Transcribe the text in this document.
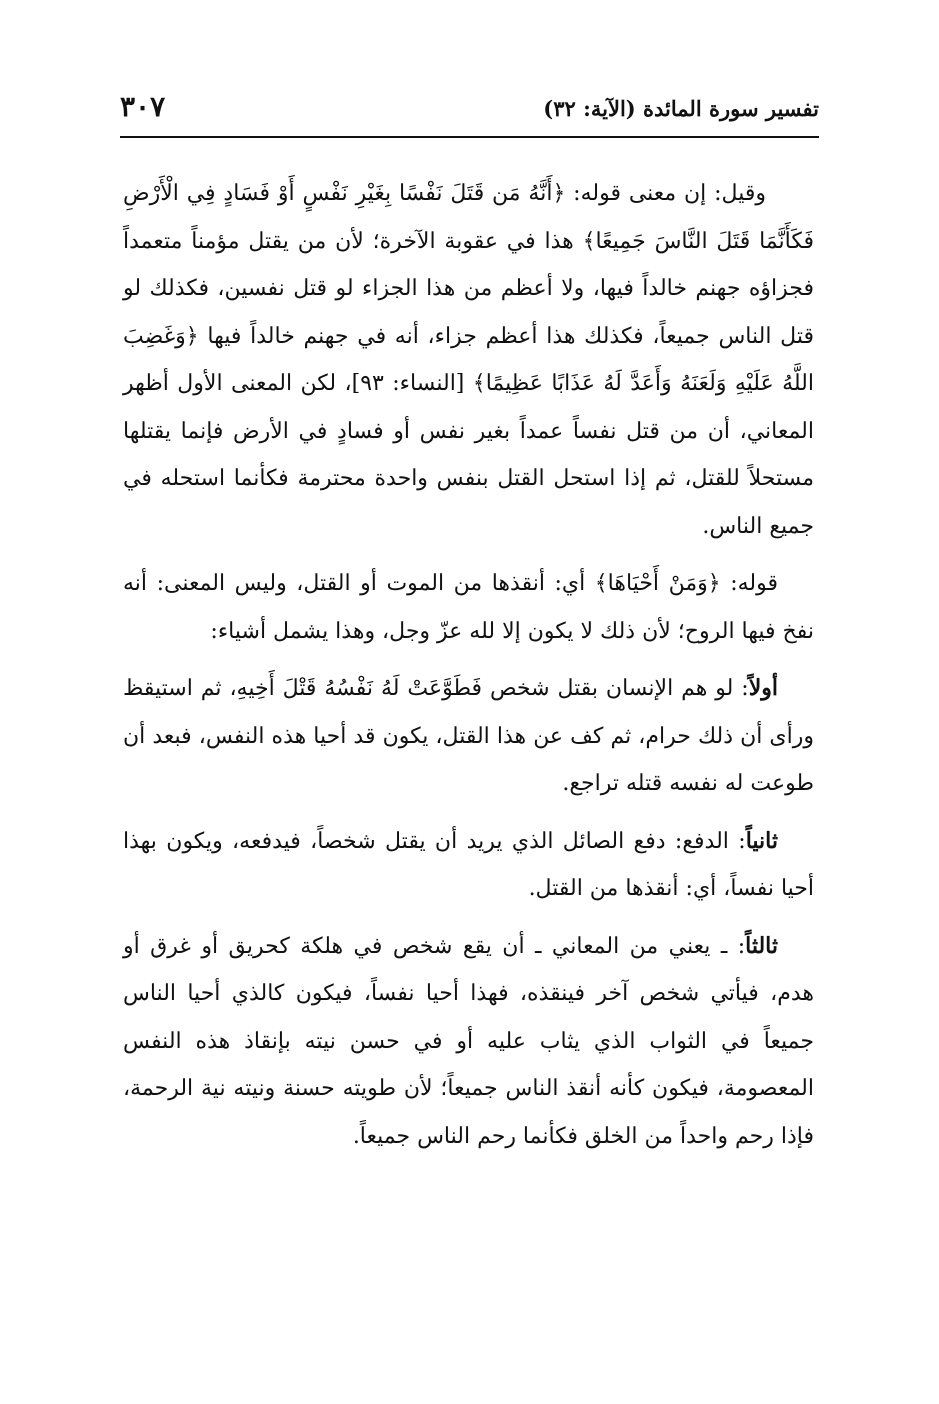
تفسير سورة المائدة (الآية: ٣٢)
٣٠٧

وقيل: إن معنى قوله: ﴿أَنَّهُ مَن قَتَلَ نَفْسًا بِغَيْرِ نَفْسٍ أَوْ فَسَادٍ فِي الْأَرْضِ فَكَأَنَّمَا قَتَلَ النَّاسَ جَمِيعًا﴾ هذا في عقوبة الآخرة؛ لأن من يقتل مؤمناً متعمداً فجزاؤه جهنم خالداً فيها، ولا أعظم من هذا الجزاء لو قتل نفسين، فكذلك لو قتل الناس جميعاً، فكذلك هذا أعظم جزاء، أنه في جهنم خالداً فيها ﴿وَغَضِبَ اللَّهُ عَلَيْهِ وَلَعَنَهُ وَأَعَدَّ لَهُ عَذَابًا عَظِيمًا﴾ [النساء: ٩٣]، لكن المعنى الأول أظهر المعاني، أن من قتل نفساً عمداً بغير نفس أو فسادٍ في الأرض فإنما يقتلها مستحلاً للقتل، ثم إذا استحل القتل بنفس واحدة محترمة فكأنما استحله في جميع الناس.

قوله: ﴿وَمَنْ أَحْيَاهَا﴾ أي: أنقذها من الموت أو القتل، وليس المعنى: أنه نفخ فيها الروح؛ لأن ذلك لا يكون إلا لله عزّ وجل، وهذا يشمل أشياء:

أولاً: لو هم الإنسان بقتل شخص فَطَوَّعَتْ لَهُ نَفْسُهُ قَتْلَ أَخِيهِ، ثم استيقظ ورأى أن ذلك حرام، ثم كف عن هذا القتل، يكون قد أحيا هذه النفس، فبعد أن طوعت له نفسه قتله تراجع.

ثانياً: الدفع: دفع الصائل الذي يريد أن يقتل شخصاً، فيدفعه، ويكون بهذا أحيا نفساً، أي: أنقذها من القتل.

ثالثاً: ـ يعني من المعاني ـ أن يقع شخص في هلكة كحريق أو غرق أو هدم، فيأتي شخص آخر فينقذه، فهذا أحيا نفساً، فيكون كالذي أحيا الناس جميعاً في الثواب الذي يثاب عليه أو في حسن نيته بإنقاذ هذه النفس المعصومة، فيكون كأنه أنقذ الناس جميعاً؛ لأن طويته حسنة ونيته نية الرحمة، فإذا رحم واحداً من الخلق فكأنما رحم الناس جميعاً.
